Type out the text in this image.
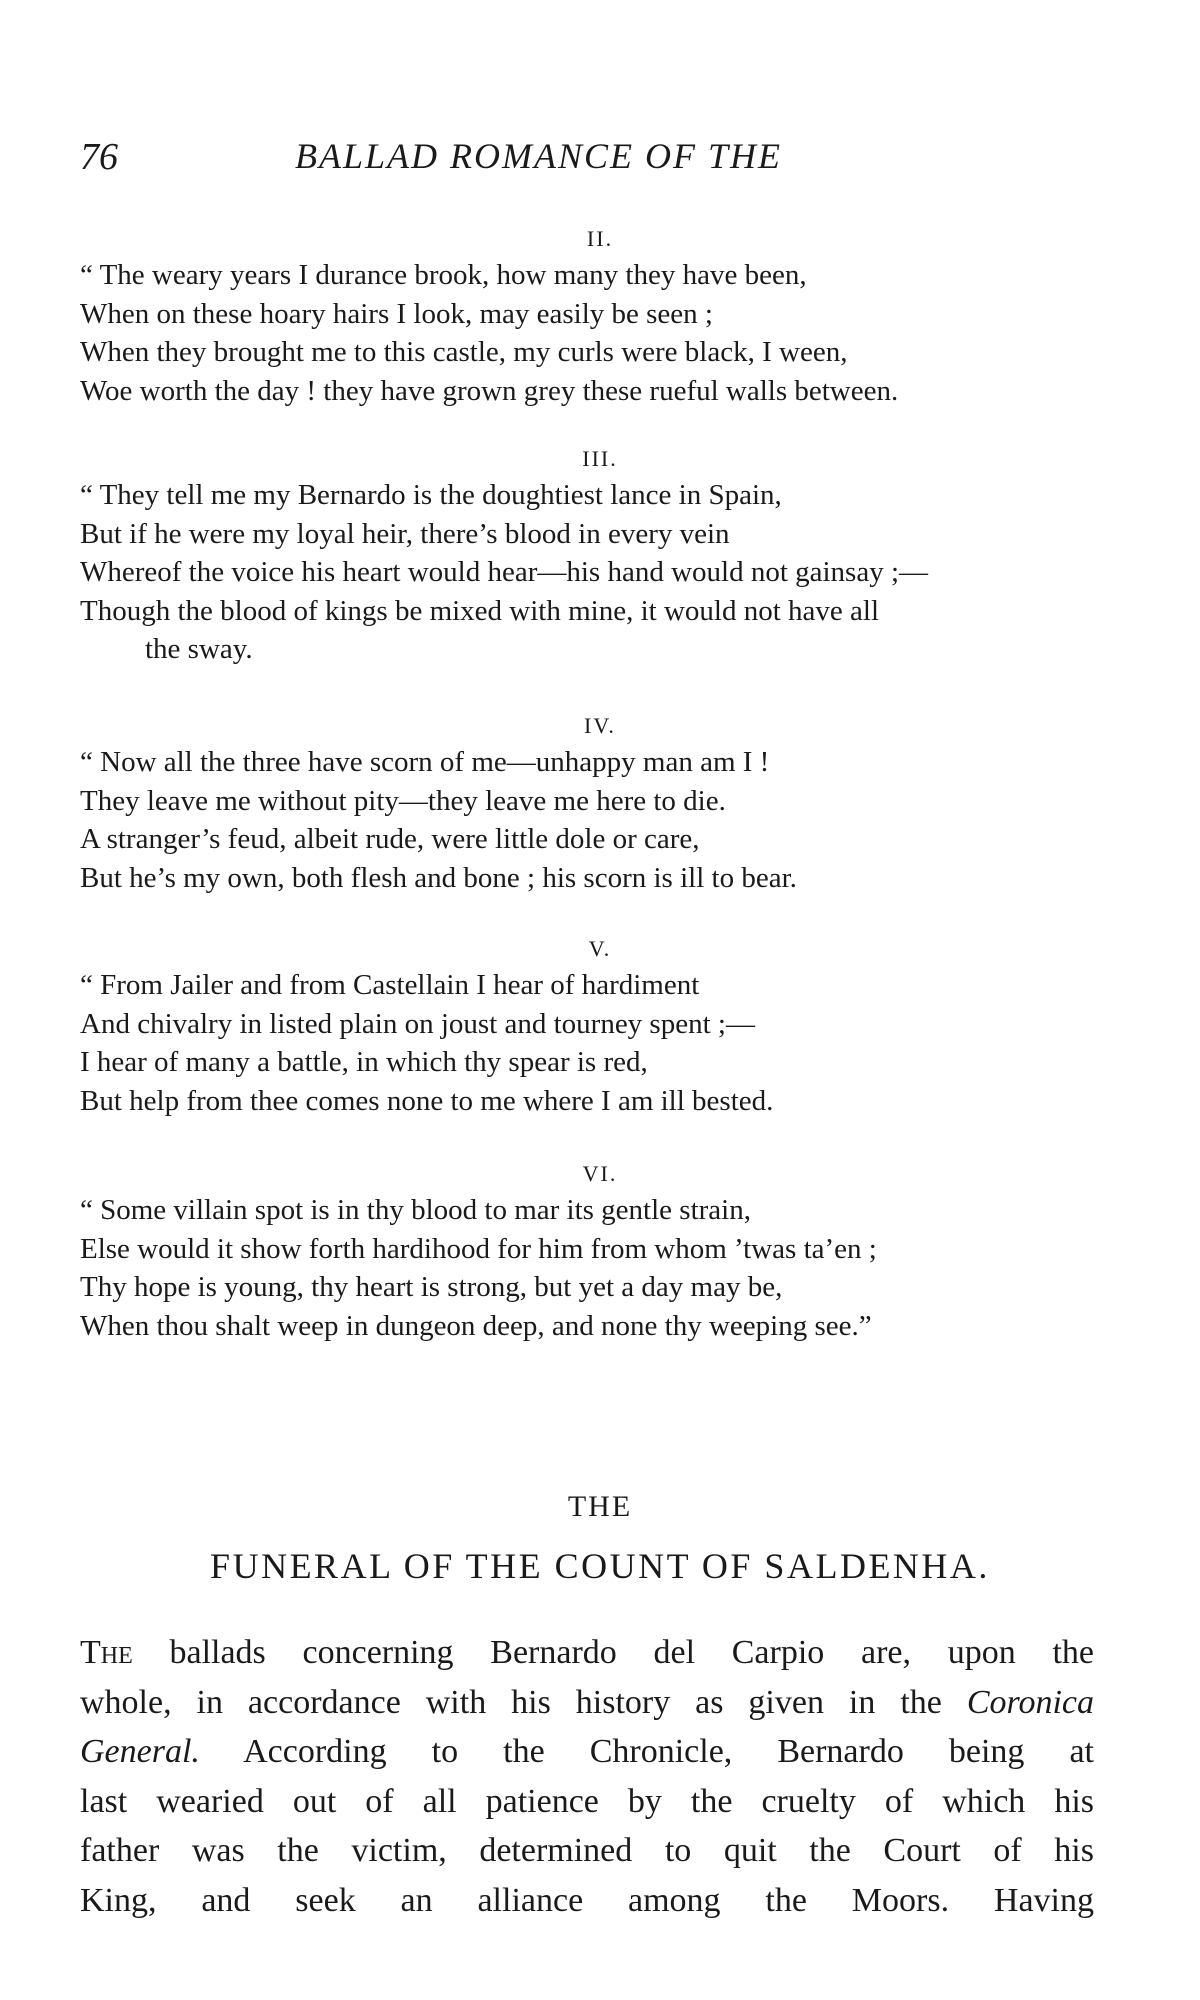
76	BALLAD ROMANCE OF THE
II.
“ The weary years I durance brook, how many they have been,
When on these hoary hairs I look, may easily be seen ;
When they brought me to this castle, my curls were black, I ween,
Woe worth the day ! they have grown grey these rueful walls between.
III.
“ They tell me my Bernardo is the doughtiest lance in Spain,
But if he were my loyal heir, there’s blood in every vein
Whereof the voice his heart would hear—his hand would not gainsay ;—
Though the blood of kings be mixed with mine, it would not have all
the sway.
IV.
“ Now all the three have scorn of me—unhappy man am I !
They leave me without pity—they leave me here to die.
A stranger’s feud, albeit rude, were little dole or care,
But he’s my own, both flesh and bone ; his scorn is ill to bear.
V.
“ From Jailer and from Castellain I hear of hardiment
And chivalry in listed plain on joust and tourney spent ;—
I hear of many a battle, in which thy spear is red,
But help from thee comes none to me where I am ill bested.
VI.
“ Some villain spot is in thy blood to mar its gentle strain,
Else would it show forth hardihood for him from whom ’twas ta’en ;
Thy hope is young, thy heart is strong, but yet a day may be,
When thou shalt weep in dungeon deep, and none thy weeping see.”
THE
FUNERAL OF THE COUNT OF SALDENHA.
The ballads concerning Bernardo del Carpio are, upon the
whole, in accordance with his history as given in the Coronica
General. According to the Chronicle, Bernardo being at
last wearied out of all patience by the cruelty of which his
father was the victim, determined to quit the Court of his
King, and seek an alliance among the Moors. Having
